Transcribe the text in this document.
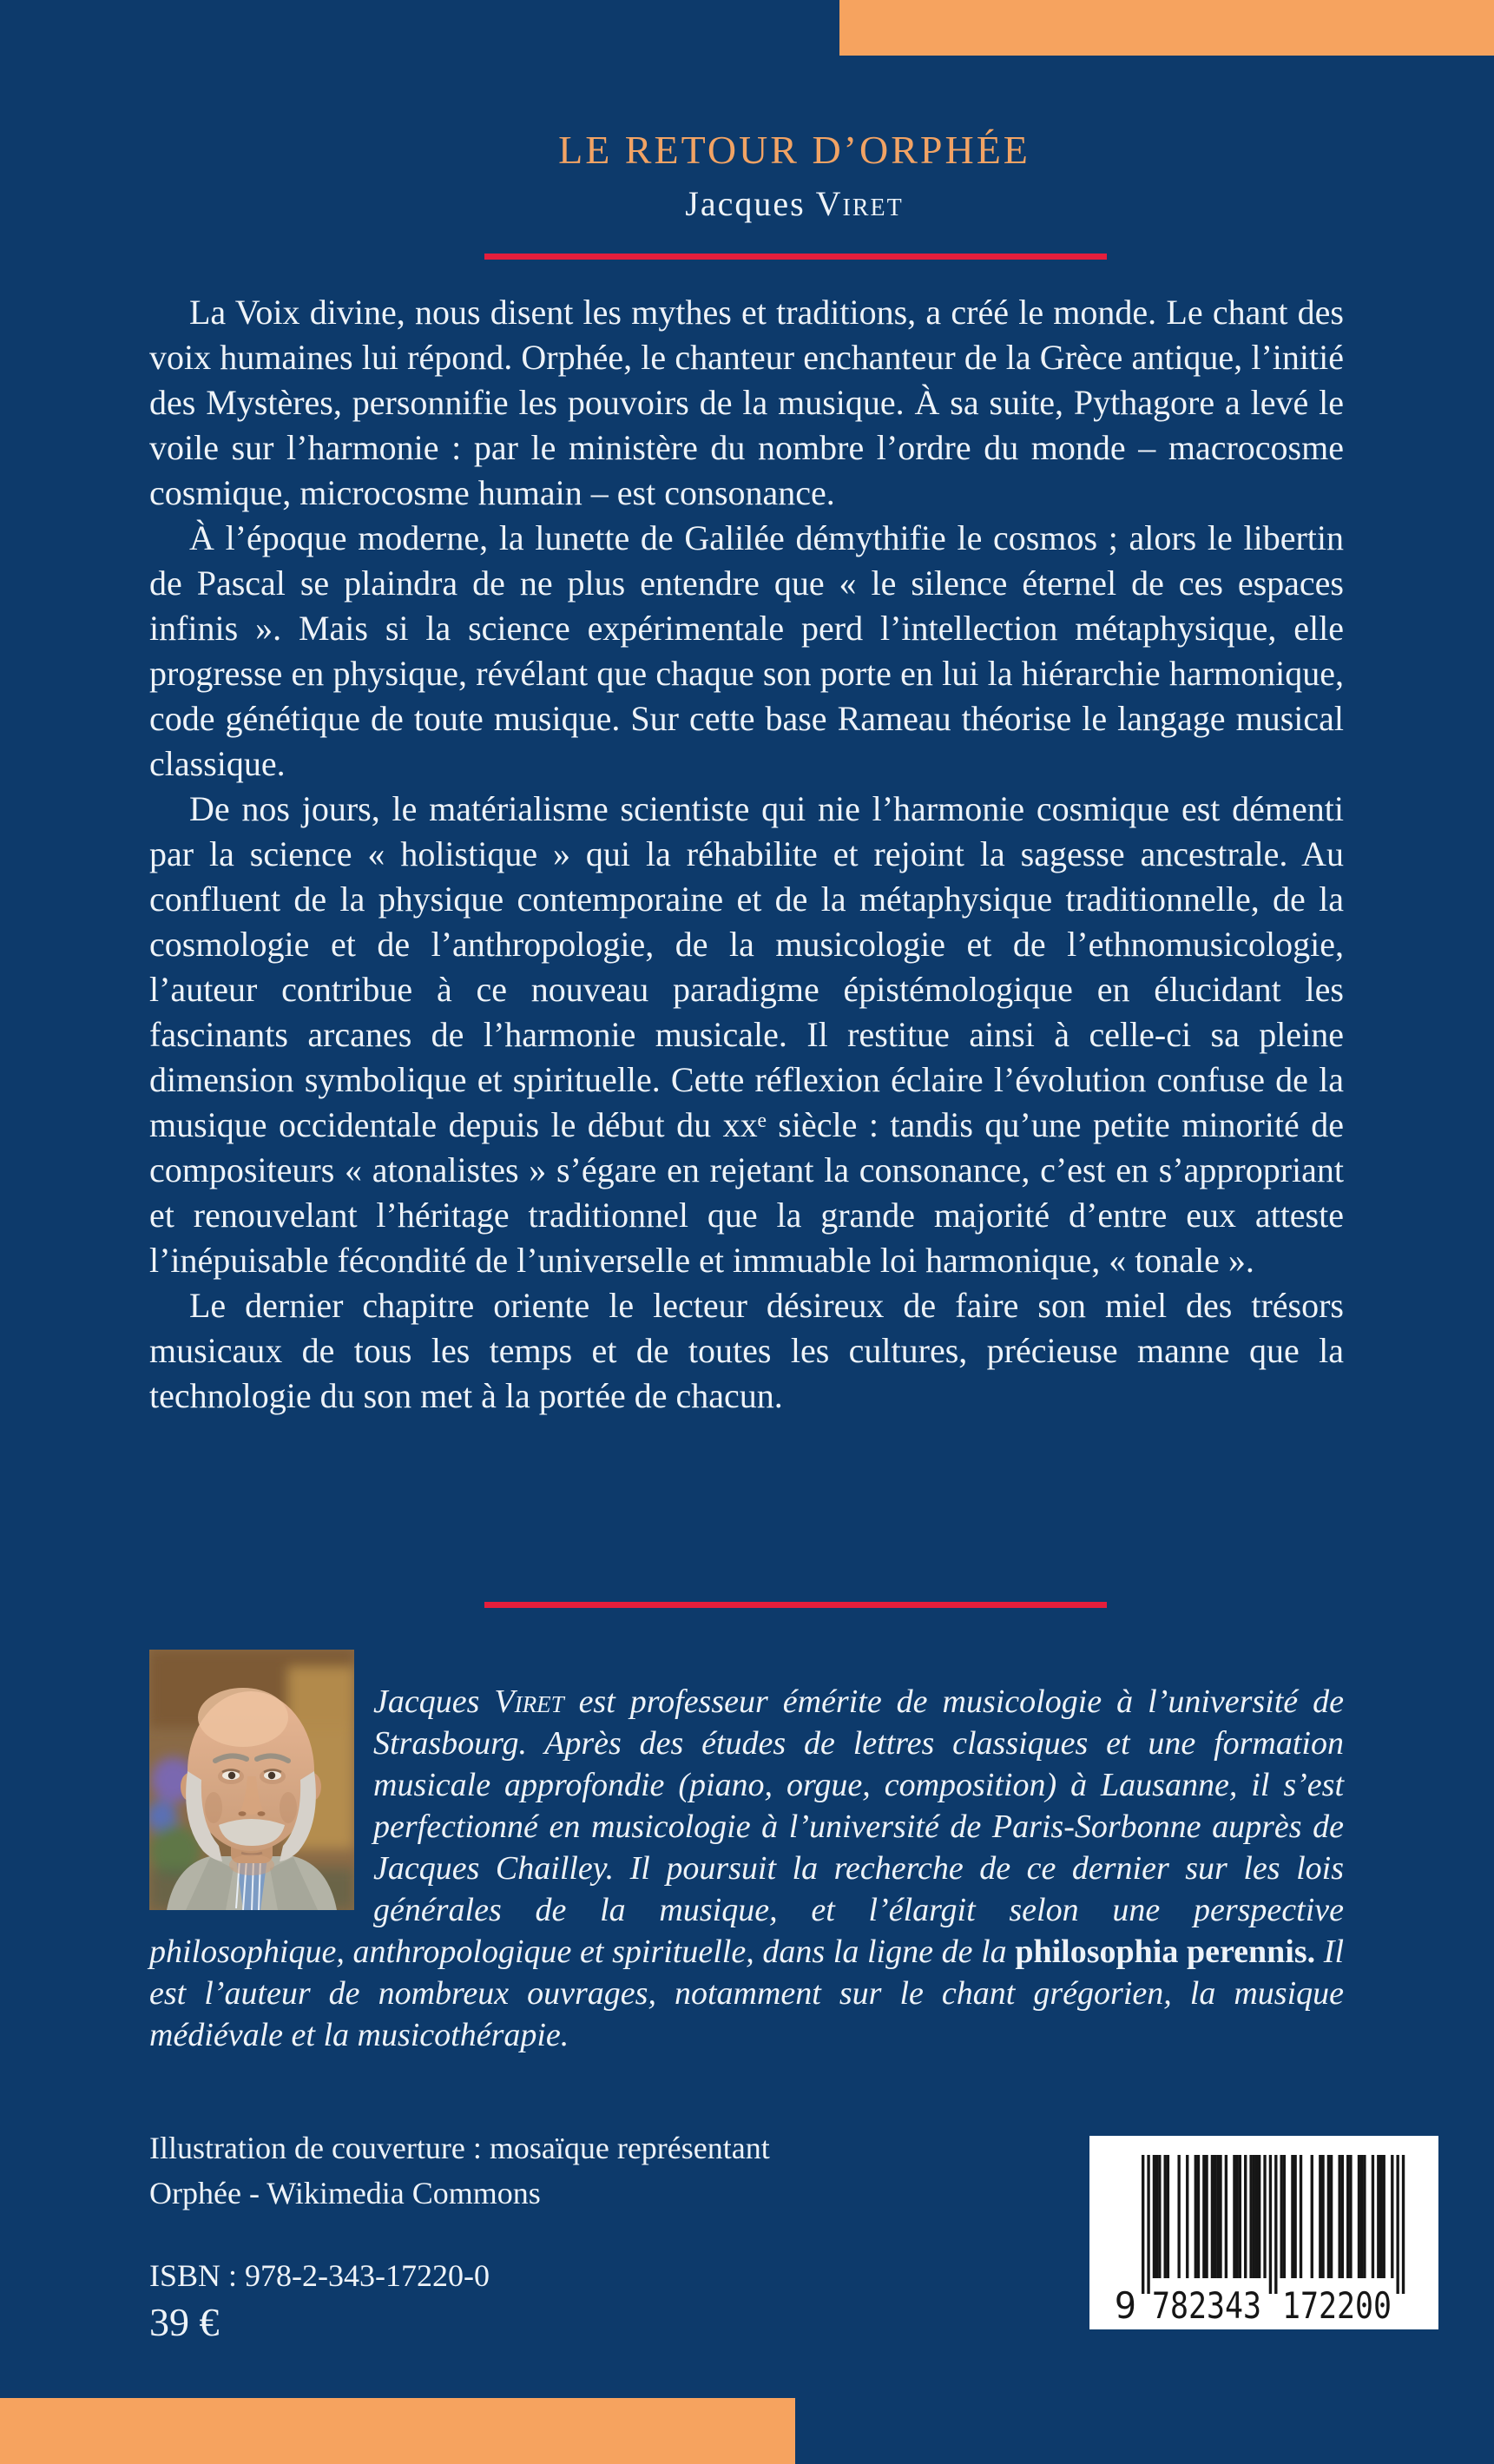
LE RETOUR D’ORPHÉE
Jacques Viret

La Voix divine, nous disent les mythes et traditions, a créé le monde. Le chant des voix humaines lui répond. Orphée, le chanteur enchanteur de la Grèce antique, l’initié des Mystères, personnifie les pouvoirs de la musique. À sa suite, Pythagore a levé le voile sur l’harmonie : par le ministère du nombre l’ordre du monde – macrocosme cosmique, microcosme humain – est consonance.

À l’époque moderne, la lunette de Galilée démythifie le cosmos ; alors le libertin de Pascal se plaindra de ne plus entendre que « le silence éternel de ces espaces infinis ». Mais si la science expérimentale perd l’intellection métaphysique, elle progresse en physique, révélant que chaque son porte en lui la hiérarchie harmonique, code génétique de toute musique. Sur cette base Rameau théorise le langage musical classique.

De nos jours, le matérialisme scientiste qui nie l’harmonie cosmique est démenti par la science « holistique » qui la réhabilite et rejoint la sagesse ancestrale. Au confluent de la physique contemporaine et de la métaphysique traditionnelle, de la cosmologie et de l’anthropologie, de la musicologie et de l’ethnomusicologie, l’auteur contribue à ce nouveau paradigme épistémologique en élucidant les fascinants arcanes de l’harmonie musicale. Il restitue ainsi à celle-ci sa pleine dimension symbolique et spirituelle. Cette réflexion éclaire l’évolution confuse de la musique occidentale depuis le début du xxᵉ siècle : tandis qu’une petite minorité de compositeurs « atonalistes » s’égare en rejetant la consonance, c’est en s’appropriant et renouvelant l’héritage traditionnel que la grande majorité d’entre eux atteste l’inépuisable fécondité de l’universelle et immuable loi harmonique, « tonale ».

Le dernier chapitre oriente le lecteur désireux de faire son miel des trésors musicaux de tous les temps et de toutes les cultures, précieuse manne que la technologie du son met à la portée de chacun.

Jacques Viret est professeur émérite de musicologie à l’université de Strasbourg. Après des études de lettres classiques et une formation musicale approfondie (piano, orgue, composition) à Lausanne, il s’est perfectionné en musicologie à l’université de Paris-Sorbonne auprès de Jacques Chailley. Il poursuit la recherche de ce dernier sur les lois générales de la musique, et l’élargit selon une perspective philosophique, anthropologique et spirituelle, dans la ligne de la philosophia perennis. Il est l’auteur de nombreux ouvrages, notamment sur le chant grégorien, la musique médiévale et la musicothérapie.

Illustration de couverture : mosaïque représentant
Orphée - Wikimedia Commons
ISBN : 978-2-343-17220-0
39 €	9 782343 172200
